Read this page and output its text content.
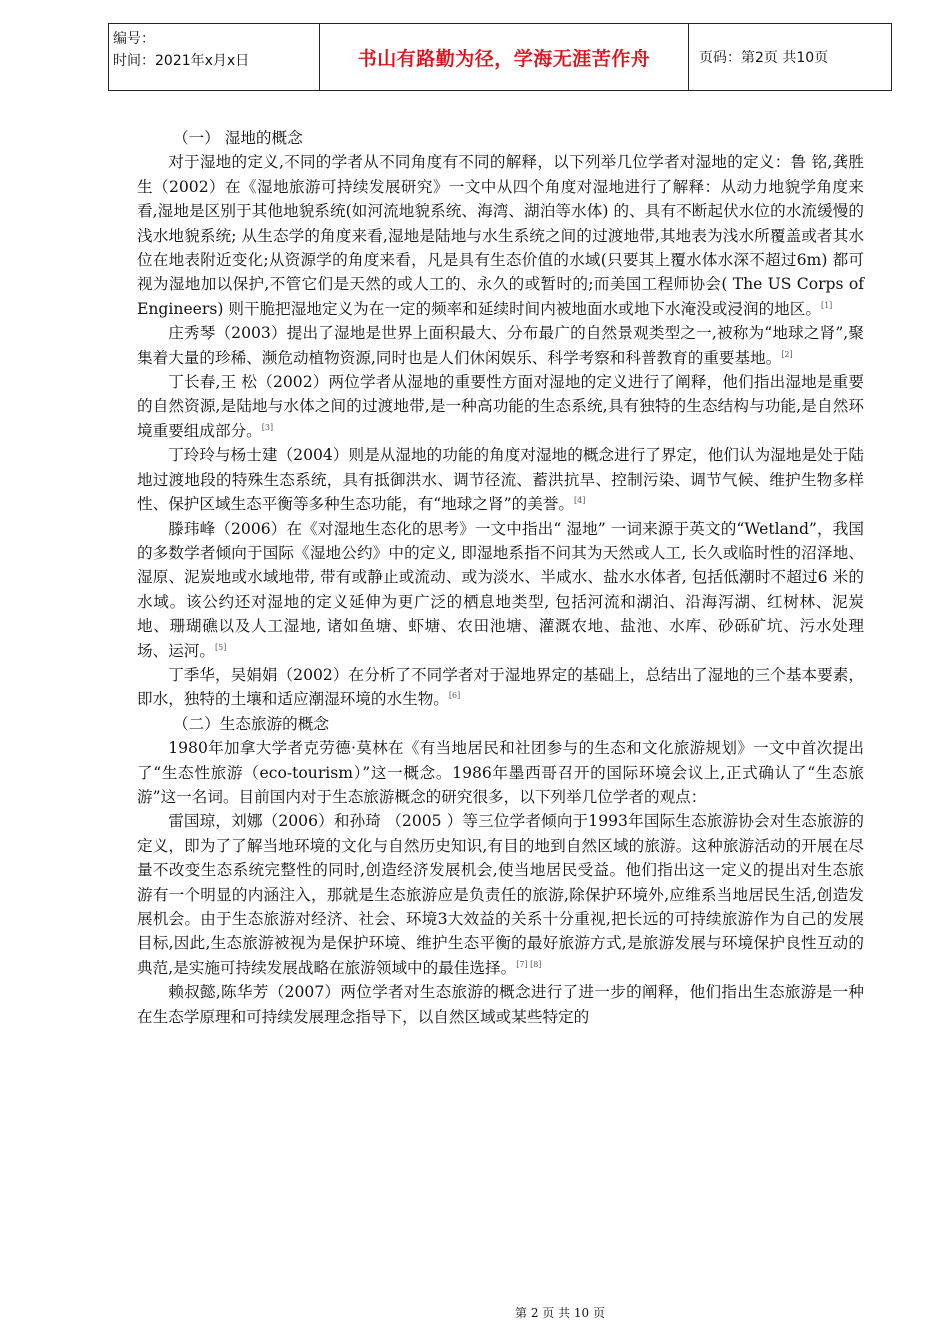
编号：
时间：2021年x月x日	书山有路勤为径，学海无涯苦作舟	页码：第2页 共10页
（一） 湿地的概念

对于湿地的定义,不同的学者从不同角度有不同的解释，以下列举几位学者对湿地的定义：鲁 铭,龚胜生（2002）在《湿地旅游可持续发展研究》一文中从四个角度对湿地进行了解释：从动力地貌学角度来看,湿地是区别于其他地貌系统(如河流地貌系统、海湾、湖泊等水体) 的、具有不断起伏水位的水流缓慢的浅水地貌系统; 从生态学的角度来看,湿地是陆地与水生系统之间的过渡地带,其地表为浅水所覆盖或者其水位在地表附近变化;从资源学的角度来看，凡是具有生态价值的水域(只要其上覆水体水深不超过6m) 都可视为湿地加以保护,不管它们是天然的或人工的、永久的或暂时的;而美国工程师协会( The US Corps of Engineers) 则干脆把湿地定义为在一定的频率和延续时间内被地面水或地下水淹没或浸润的地区。[1]

庄秀琴（2003）提出了湿地是世界上面积最大、分布最广的自然景观类型之一,被称为“地球之肾”,聚集着大量的珍稀、濒危动植物资源,同时也是人们休闲娱乐、科学考察和科普教育的重要基地。[2]

丁长春,王 松（2002）两位学者从湿地的重要性方面对湿地的定义进行了阐释，他们指出湿地是重要的自然资源,是陆地与水体之间的过渡地带,是一种高功能的生态系统,具有独特的生态结构与功能,是自然环境重要组成部分。[3]

丁玲玲与杨士建（2004）则是从湿地的功能的角度对湿地的概念进行了界定，他们认为湿地是处于陆地过渡地段的特殊生态系统，具有抵御洪水、调节径流、蓄洪抗旱、控制污染、调节气候、维护生物多样性、保护区域生态平衡等多种生态功能，有“地球之肾”的美誉。[4]

滕玮峰（2006）在《对湿地生态化的思考》一文中指出“ 湿地” 一词来源于英文的“Wetland”，我国的多数学者倾向于国际《湿地公约》中的定义, 即湿地系指不问其为天然或人工, 长久或临时性的沼泽地、湿原、泥炭地或水域地带, 带有或静止或流动、或为淡水、半咸水、盐水水体者, 包括低潮时不超过6 米的水域。该公约还对湿地的定义延伸为更广泛的栖息地类型, 包括河流和湖泊、沿海泻湖、红树林、泥炭地、珊瑚礁以及人工湿地, 诸如鱼塘、虾塘、农田池塘、灌溉农地、盐池、水库、砂砾矿坑、污水处理场、运河。[5]

丁季华，吴娟娟（2002）在分析了不同学者对于湿地界定的基础上，总结出了湿地的三个基本要素，即水，独特的土壤和适应潮湿环境的水生物。[6]

（二）生态旅游的概念

1980年加拿大学者克劳德·莫林在《有当地居民和社团参与的生态和文化旅游规划》一文中首次提出了“生态性旅游（eco-tourism）”这一概念。1986年墨西哥召开的国际环境会议上,正式确认了“生态旅游”这一名词。目前国内对于生态旅游概念的研究很多，以下列举几位学者的观点：

雷国琼，刘娜（2006）和孙琦 （2005 ）等三位学者倾向于1993年国际生态旅游协会对生态旅游的定义，即为了了解当地环境的文化与自然历史知识,有目的地到自然区域的旅游。这种旅游活动的开展在尽量不改变生态系统完整性的同时,创造经济发展机会,使当地居民受益。他们指出这一定义的提出对生态旅游有一个明显的内涵注入，那就是生态旅游应是负责任的旅游,除保护环境外,应维系当地居民生活,创造发展机会。由于生态旅游对经济、社会、环境3大效益的关系十分重视,把长远的可持续旅游作为自己的发展目标,因此,生态旅游被视为是保护环境、维护生态平衡的最好旅游方式,是旅游发展与环境保护良性互动的典范,是实施可持续发展战略在旅游领域中的最佳选择。[7] [8]

赖叔懿,陈华芳（2007）两位学者对生态旅游的概念进行了进一步的阐释，他们指出生态旅游是一种在生态学原理和可持续发展理念指导下，以自然区域或某些特定的

第 2 页 共 10 页
